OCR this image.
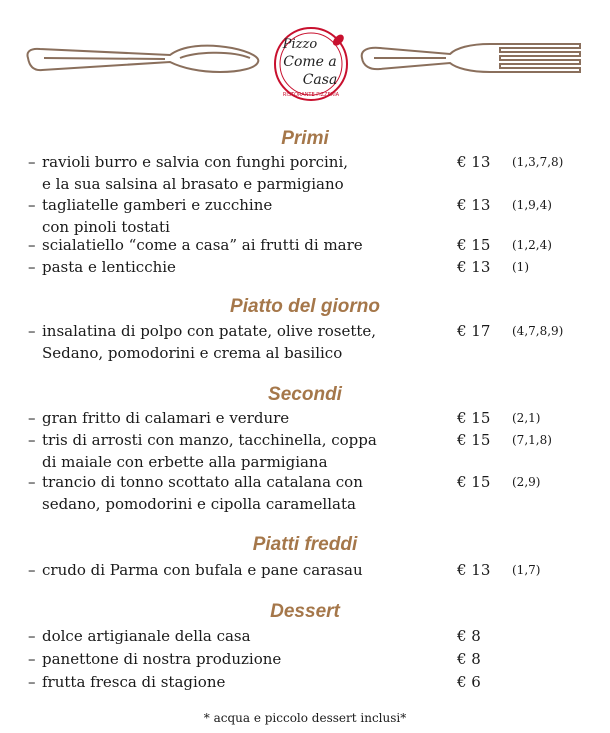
Pizzo
Come a
Casa
RISTORANTE PIZZERIA
Primi
– ravioli burro e salvia con funghi porcini,	€ 13 (1,3,7,8)
e la sua salsina al brasato e parmigiano
– tagliatelle gamberi e zucchine	€ 13 (1,9,4)
con pinoli tostati
– scialatiello “come a casa” ai frutti di mare	€ 15 (1,2,4)
– pasta e lenticchie	€ 13 (1)
Piatto del giorno
– insalatina di polpo con patate, olive rosette,	€ 17 (4,7,8,9)
Sedano, pomodorini e crema al basilico
Secondi
– gran fritto di calamari e verdure	€ 15 (2,1)
– tris di arrosti con manzo, tacchinella, coppa	€ 15 (7,1,8)
di maiale con erbette alla parmigiana
– trancio di tonno scottato alla catalana con	€ 15 (2,9)
sedano, pomodorini e cipolla caramellata
Piatti freddi
– crudo di Parma con bufala e pane carasau	€ 13 (1,7)
Dessert
– dolce artigianale della casa	€ 8
– panettone di nostra produzione	€ 8
– frutta fresca di stagione	€ 6
* acqua e piccolo dessert inclusi*
